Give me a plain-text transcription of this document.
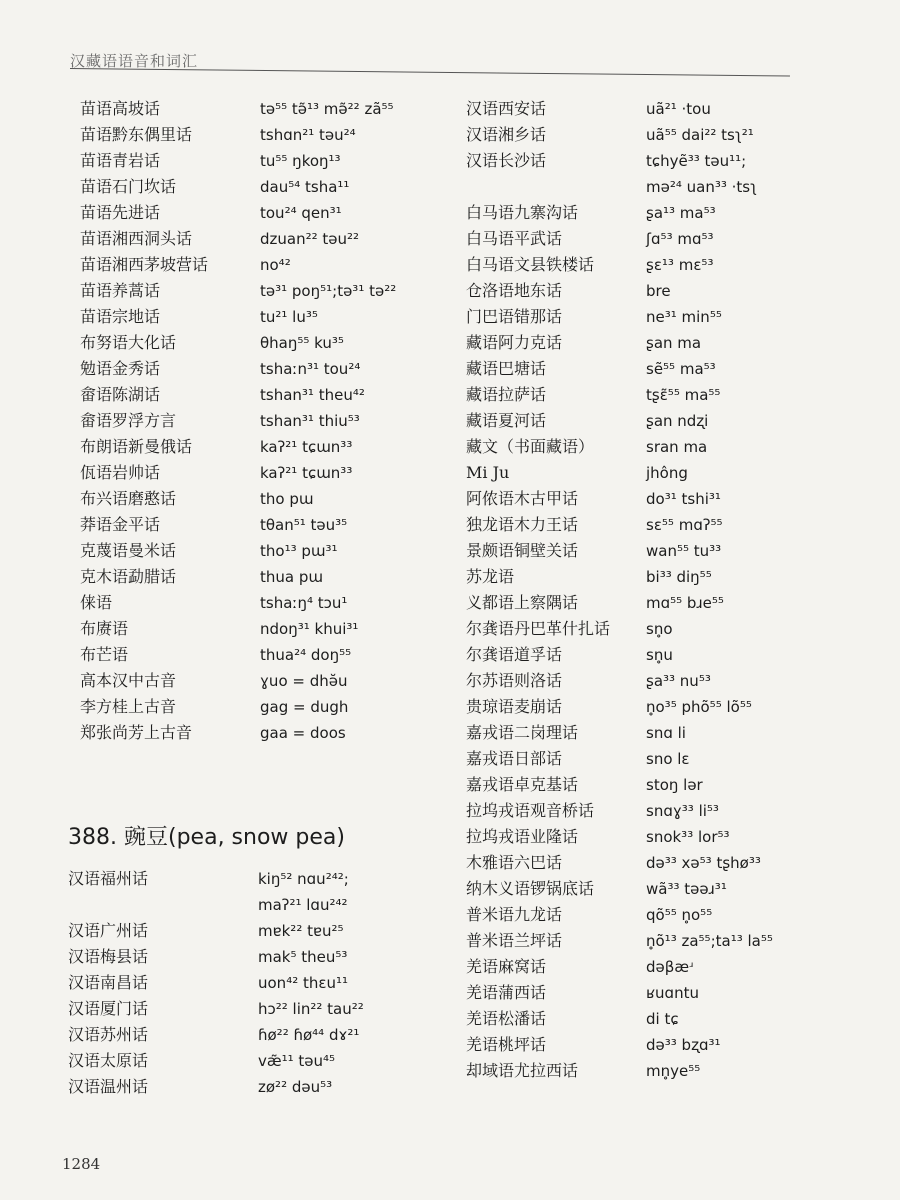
汉藏语语音和词汇
苗语高坡话	tə⁵⁵ tə̃¹³ mə̃²² zã⁵⁵
苗语黔东偶里话	tshɑn²¹ təu²⁴
苗语青岩话	tu⁵⁵ ŋkoŋ¹³
苗语石门坎话	dau⁵⁴ tsha¹¹
苗语先进话	tou²⁴ qen³¹
苗语湘西洞头话	dzuan²² təu²²
苗语湘西茅坡营话	no⁴²
苗语养蒿话	tə³¹ poŋ⁵¹;tə³¹ tə²²
苗语宗地话	tu²¹ lu³⁵
布努语大化话	θhaŋ⁵⁵ ku³⁵
勉语金秀话	tshaːn³¹ tou²⁴
畲语陈湖话	tshan³¹ theu⁴²
畲语罗浮方言	tshan³¹ thiu⁵³
布朗语新曼俄话	kaʔ²¹ tɕɯn³³
佤语岩帅话	kaʔ²¹ tɕɯn³³
布兴语磨憨话	tho pɯ
莽语金平话	tθan⁵¹ təu³⁵
克蔑语曼米话	tho¹³ pɯ³¹
克木语勐腊话	thua pɯ
俫语	tshaːŋ⁴ tɔu¹
布赓语	ndoŋ³¹ khui³¹
布芒语	thua²⁴ doŋ⁵⁵
高本汉中古音	ɣuo = dhə̆u
李方桂上古音	gag = dugh
郑张尚芳上古音	gaa = doos
388. 豌豆(pea, snow pea)
汉语福州话	kiŋ⁵² nɑu²⁴²;
maʔ²¹ lɑu²⁴²
汉语广州话	mɐk²² tɐu²⁵
汉语梅县话	mak⁵ theu⁵³
汉语南昌话	uon⁴² thɛu¹¹
汉语厦门话	hɔ²² lin²² tau²²
汉语苏州话	ɦø²² ɦø⁴⁴ dɤ²¹
汉语太原话	væ̃¹¹ təu⁴⁵
汉语温州话	zø²² dəu⁵³
汉语西安话	uã²¹ ·tou
汉语湘乡话	uã⁵⁵ dai²² tsʅ²¹
汉语长沙话	tɕhyẽ³³ təu¹¹;
mə²⁴ uan³³ ·tsʅ
白马语九寨沟话	ʂa¹³ ma⁵³
白马语平武话	ʃɑ⁵³ mɑ⁵³
白马语文县铁楼话	ʂɛ¹³ mɛ⁵³
仓洛语地东话	bre
门巴语错那话	ne³¹ min⁵⁵
藏语阿力克话	ʂan ma
藏语巴塘话	sẽ⁵⁵ ma⁵³
藏语拉萨话	tʂɛ̃⁵⁵ ma⁵⁵
藏语夏河话	ʂan ndʐi
藏文（书面藏语）	sran ma
Mi Ju	jhông
阿侬语木古甲话	do³¹ tshi³¹
独龙语木力王话	sɛ⁵⁵ mɑʔ⁵⁵
景颇语铜壁关话	wan⁵⁵ tu³³
苏龙语	bi³³ diŋ⁵⁵
义都语上察隅话	mɑ⁵⁵ bɹe⁵⁵
尔龚语丹巴革什扎话 sn̥o
尔龚语道孚话	sn̥u
尔苏语则洛话	ʂa³³ nu⁵³
贵琼语麦崩话	n̥o³⁵ phõ⁵⁵ lõ⁵⁵
嘉戎语二岗理话	snɑ li
嘉戎语日部话	sno lɛ
嘉戎语卓克基话	stoŋ lər
拉坞戎语观音桥话	snɑɣ³³ li⁵³
拉坞戎语业隆话	snok³³ lor⁵³
木雅语六巴话	də³³ xə⁵³ tʂhø³³
纳木义语锣锅底话	wã³³ təəɹ³¹
普米语九龙话	qõ⁵⁵ n̥o⁵⁵
普米语兰坪话	n̥õ¹³ za⁵⁵;ta¹³ la⁵⁵
羌语麻窝话	dəβæʴ
羌语蒲西话	ʁuɑntu
羌语松潘话	di tɕ
羌语桃坪话	də³³ bʐɑ³¹
却域语尤拉西话	mn̥ye⁵⁵
1284
